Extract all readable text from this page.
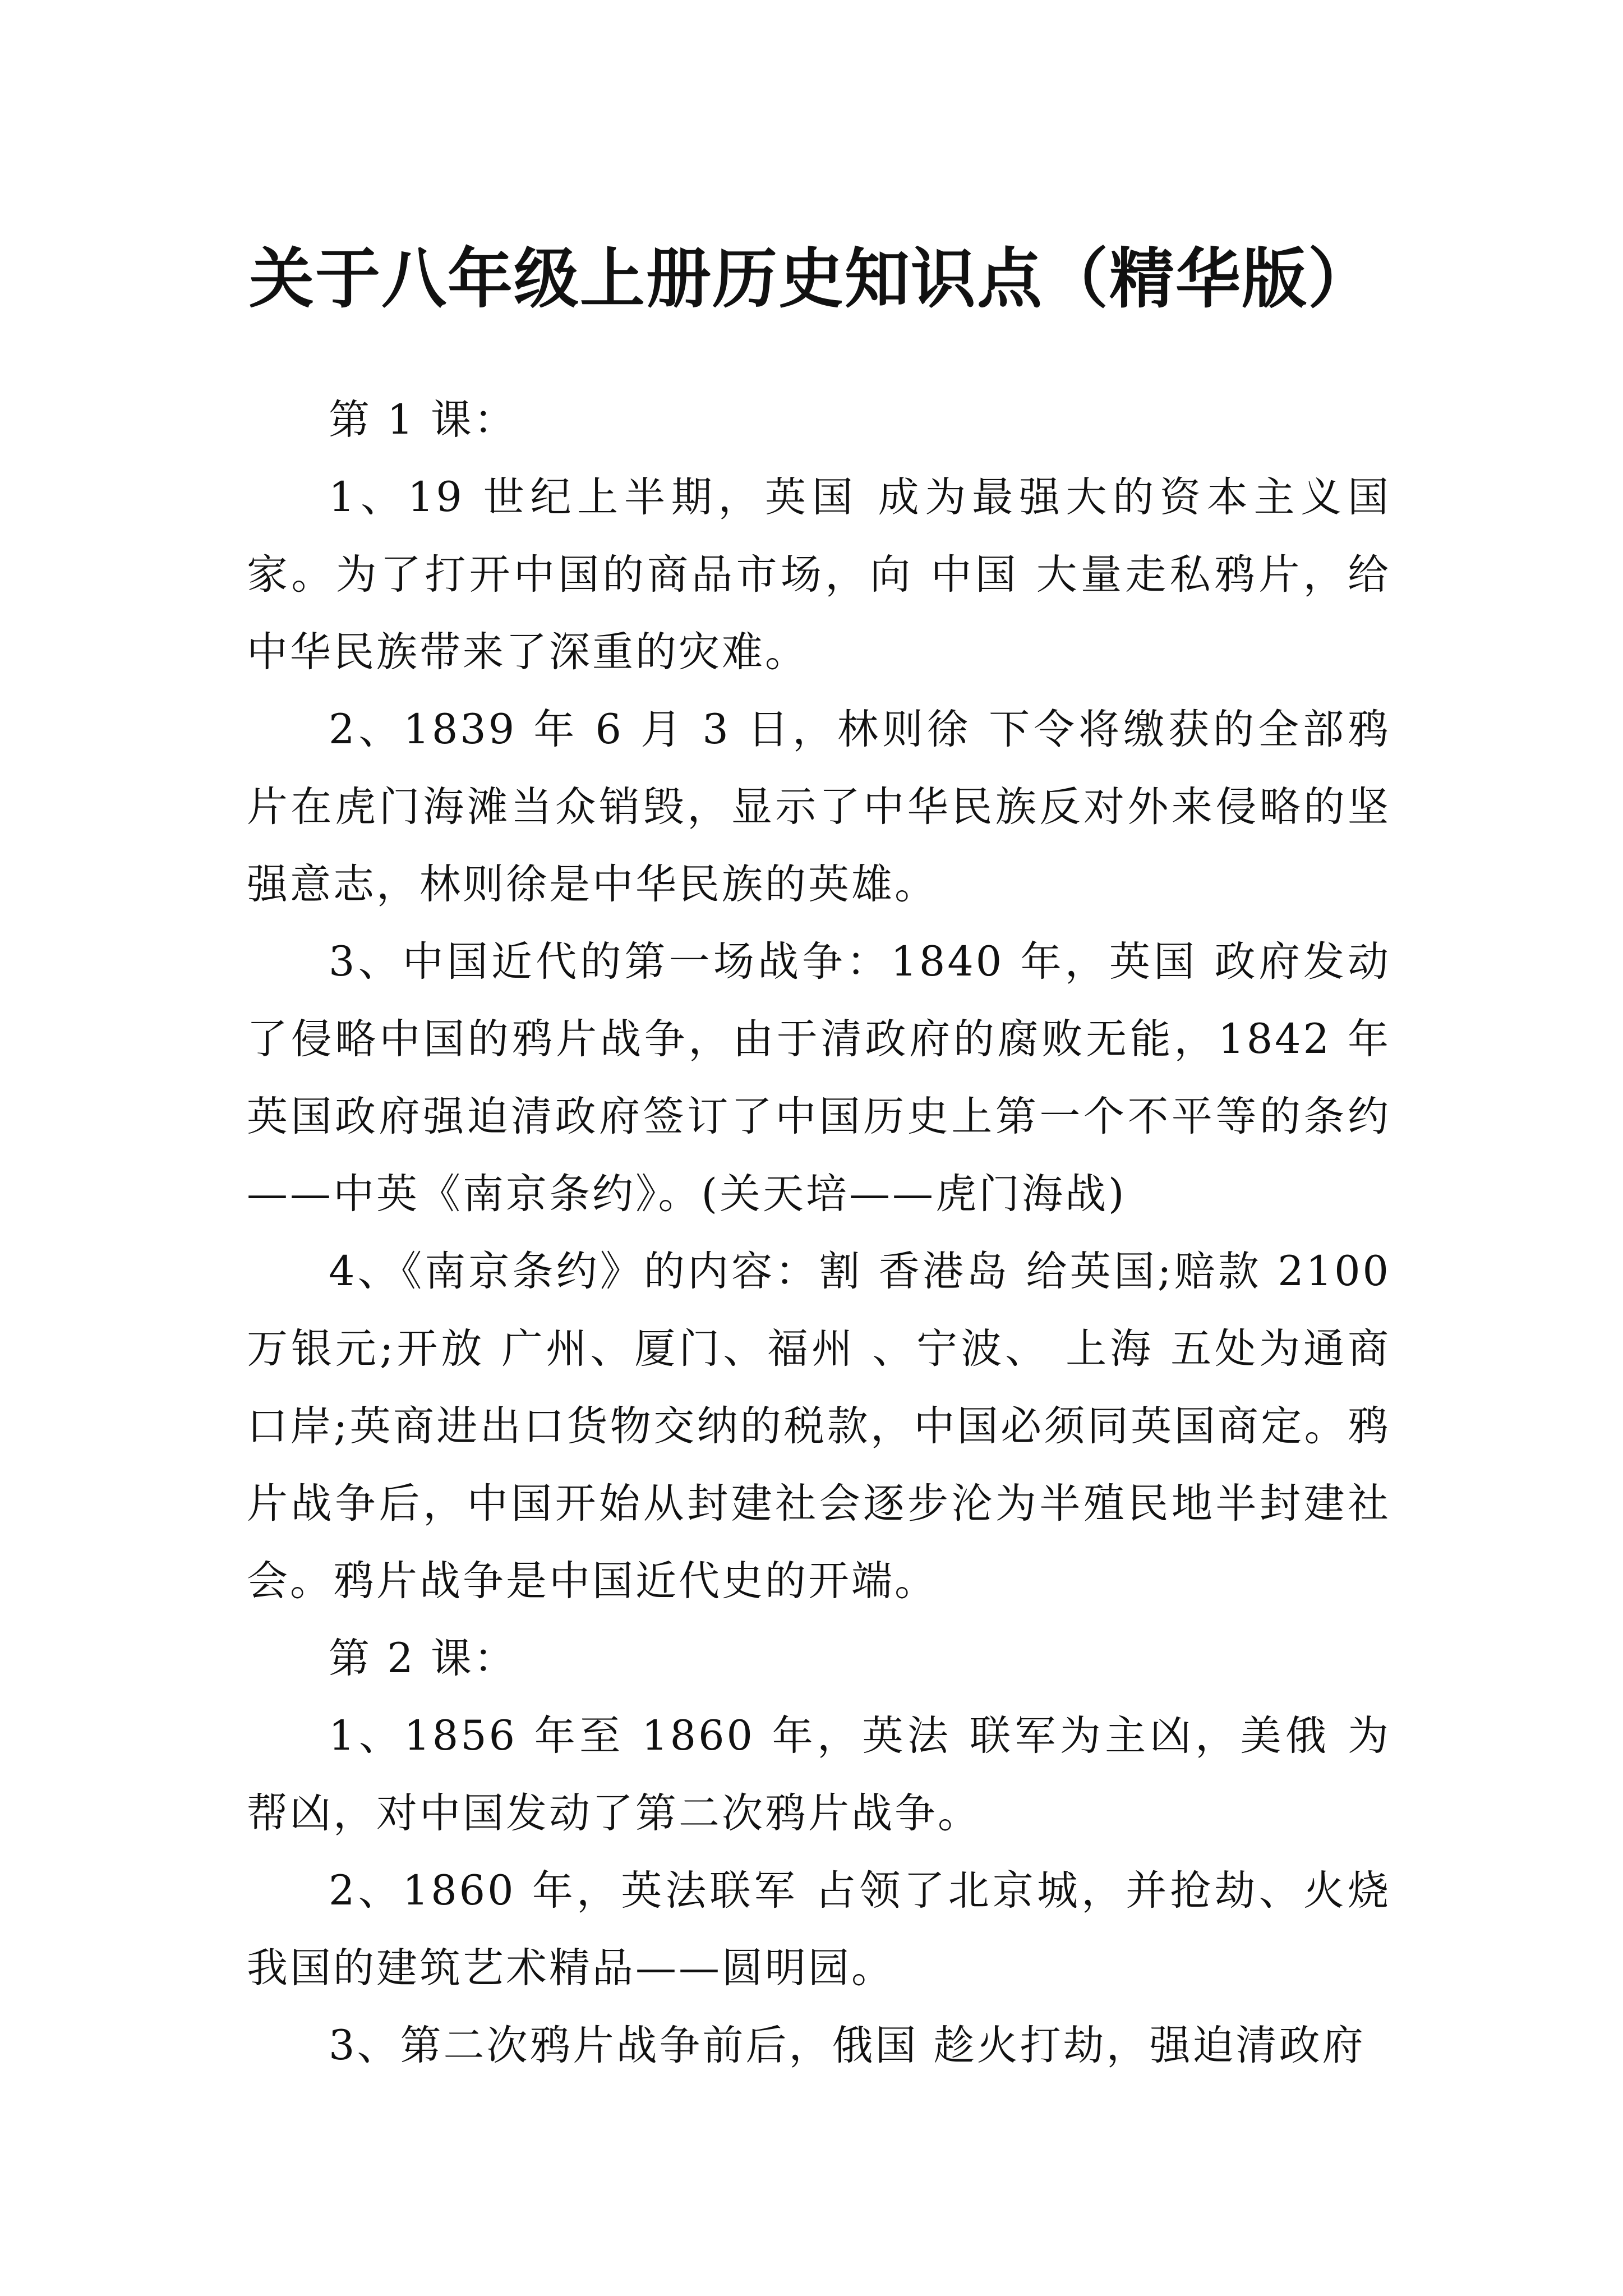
关于八年级上册历史知识点（精华版）

第 1 课：

1、19 世纪上半期，英国 成为最强大的资本主义国家。为了打开中国的商品市场，向 中国 大量走私鸦片，给中华民族带来了深重的灾难。

2、1839 年 6 月 3 日，林则徐 下令将缴获的全部鸦片在虎门海滩当众销毁，显示了中华民族反对外来侵略的坚强意志，林则徐是中华民族的英雄。

3、中国近代的第一场战争：1840 年，英国 政府发动了侵略中国的鸦片战争，由于清政府的腐败无能，1842 年英国政府强迫清政府签订了中国历史上第一个不平等的条约——中英《南京条约》。(关天培——虎门海战)

4、《南京条约》的内容：割 香港岛 给英国;赔款 2100 万银元;开放 广州、厦门、福州 、宁波、 上海 五处为通商口岸;英商进出口货物交纳的税款，中国必须同英国商定。鸦片战争后，中国开始从封建社会逐步沦为半殖民地半封建社会。鸦片战争是中国近代史的开端。

第 2 课：

1、1856 年至 1860 年，英法 联军为主凶，美俄 为帮凶，对中国发动了第二次鸦片战争。

2、1860 年，英法联军 占领了北京城，并抢劫、火烧我国的建筑艺术精品——圆明园。

3、第二次鸦片战争前后，俄国 趁火打劫，强迫清政府
